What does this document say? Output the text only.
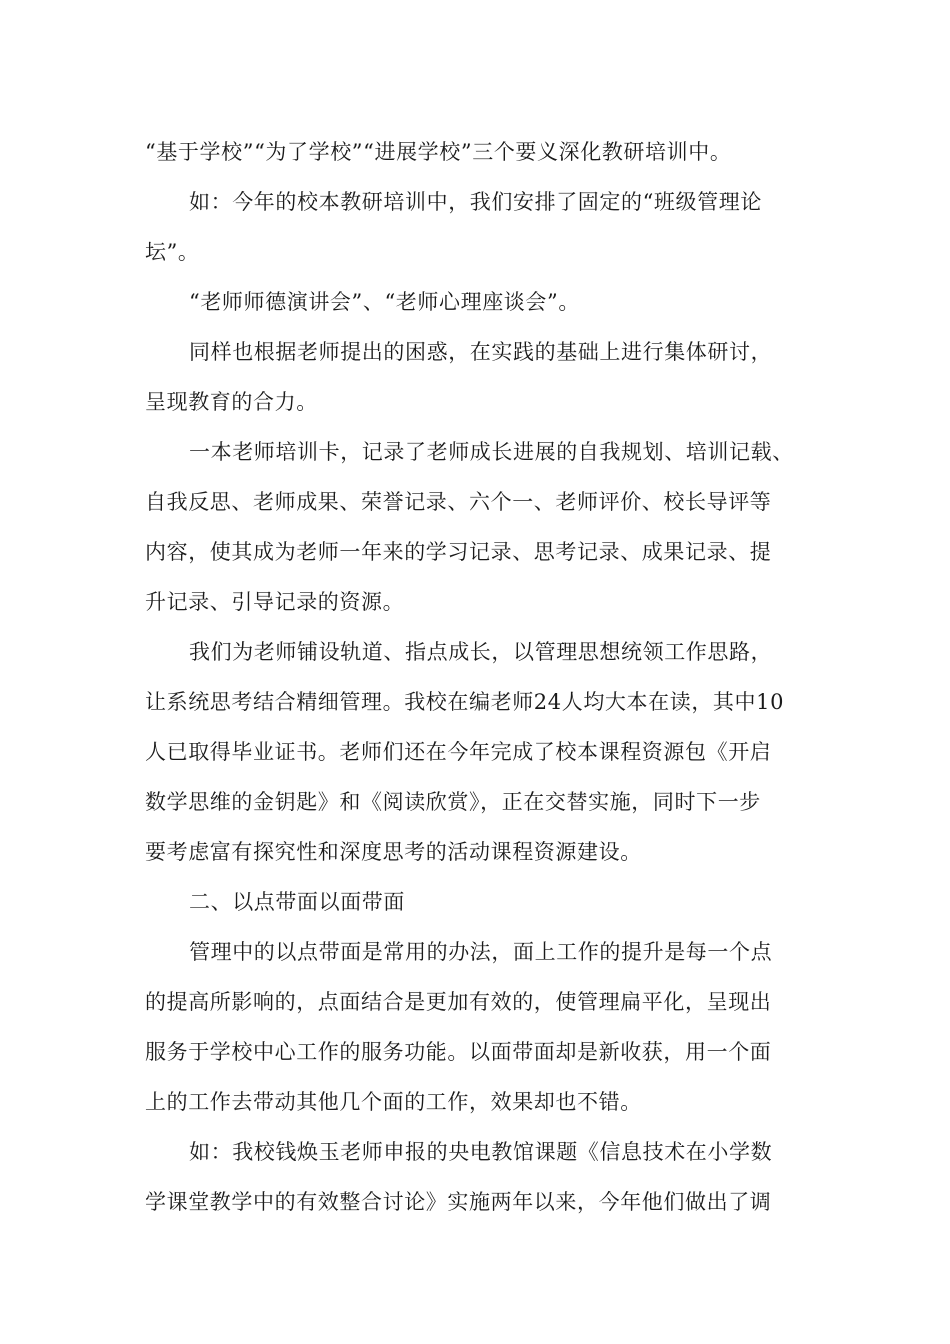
“基于学校”“为了学校”“进展学校”三个要义深化教研培训中。
如：今年的校本教研培训中，我们安排了固定的“班级管理论
坛”。
“老师师德演讲会”、“老师心理座谈会”。
同样也根据老师提出的困惑，在实践的基础上进行集体研讨，
呈现教育的合力。
一本老师培训卡，记录了老师成长进展的自我规划、培训记载、
自我反思、老师成果、荣誉记录、六个一、老师评价、校长导评等
内容，使其成为老师一年来的学习记录、思考记录、成果记录、提
升记录、引导记录的资源。
我们为老师铺设轨道、指点成长，以管理思想统领工作思路，
让系统思考结合精细管理。我校在编老师24人均大本在读，其中10
人已取得毕业证书。老师们还在今年完成了校本课程资源包《开启
数学思维的金钥匙》和《阅读欣赏》，正在交替实施，同时下一步
要考虑富有探究性和深度思考的活动课程资源建设。
二、以点带面以面带面
管理中的以点带面是常用的办法，面上工作的提升是每一个点
的提高所影响的，点面结合是更加有效的，使管理扁平化，呈现出
服务于学校中心工作的服务功能。以面带面却是新收获，用一个面
上的工作去带动其他几个面的工作，效果却也不错。
如：我校钱焕玉老师申报的央电教馆课题《信息技术在小学数
学课堂教学中的有效整合讨论》实施两年以来，今年他们做出了调
